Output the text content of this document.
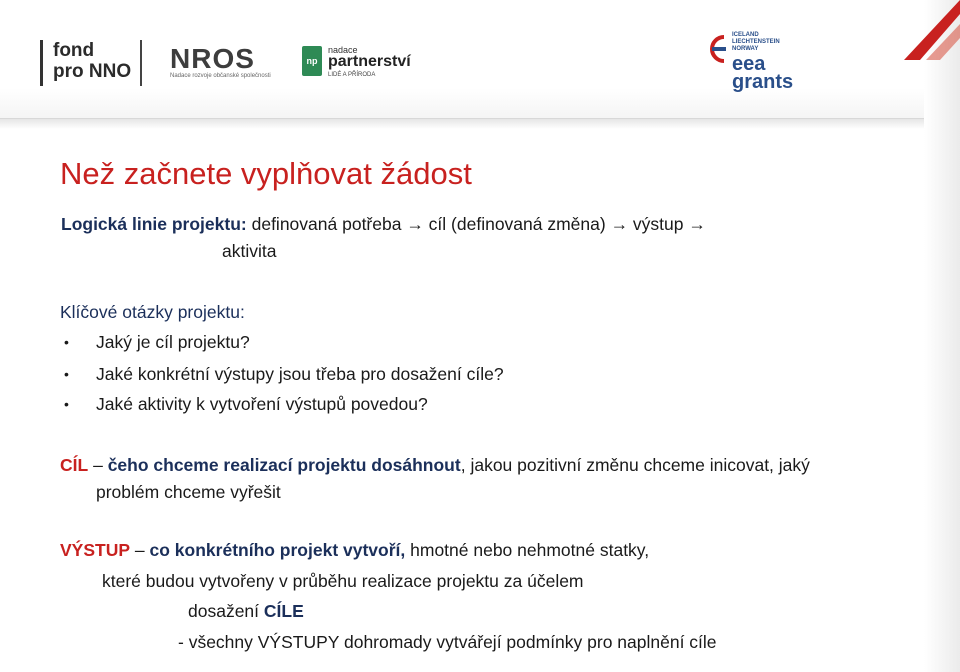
fond
pro NNO NROS
Nadace rozvoje občanské společnosti
np
nadace
partnerství
LIDÉ A PŘÍRODA
ICELAND
LIECHTENSTEIN
NORWAY
eea
grants
Než začnete vyplňovat žádost
Logická linie projektu: definovaná potřeba → cíl (definovaná změna) → výstup →
aktivita
Klíčové otázky projektu:
• Jaký je cíl projektu?
• Jaké konkrétní výstupy jsou třeba pro dosažení cíle?
• Jaké aktivity k vytvoření výstupů povedou?
CÍL – čeho chceme realizací projektu dosáhnout, jakou pozitivní změnu chceme inicovat, jaký
problém chceme vyřešit
VÝSTUP – co konkrétního projekt vytvoří, hmotné nebo nehmotné statky,
které budou vytvořeny v průběhu realizace projektu za účelem
dosažení CÍLE
- všechny VÝSTUPY dohromady vytvářejí podmínky pro naplnění cíle
